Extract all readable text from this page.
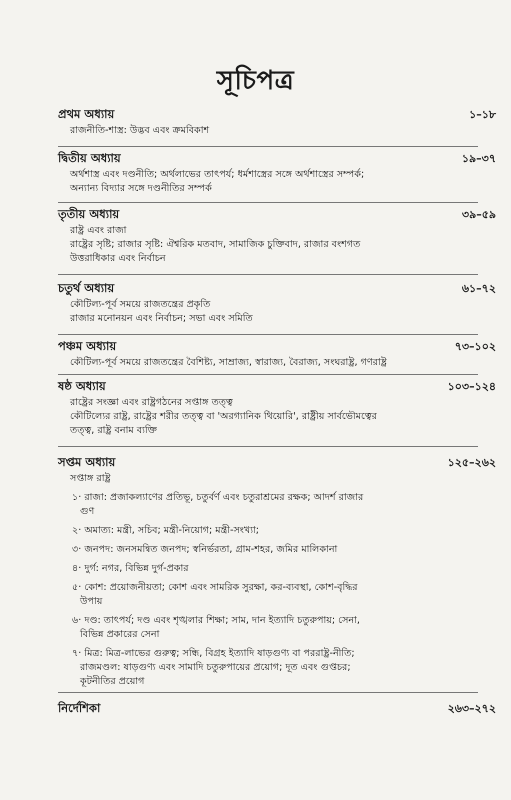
সূচিপত্র
প্রথম অধ্যায়	১–১৮
রাজনীতি-শাস্ত্র: উদ্ভব এবং ক্রমবিকাশ
দ্বিতীয় অধ্যায়	১৯–৩৭
অর্থশাস্ত্র এবং দণ্ডনীতি; অর্থলাভের তাৎপর্য; ধর্মশাস্ত্রের সঙ্গে অর্থশাস্ত্রের সম্পর্ক;
অন্যান্য বিদ্যার সঙ্গে দণ্ডনীতির সম্পর্ক
তৃতীয় অধ্যায়	৩৯–৫৯
রাষ্ট্র এবং রাজা
রাষ্ট্রের সৃষ্টি; রাজার সৃষ্টি: ঐশ্বরিক মতবাদ, সামাজিক চুক্তিবাদ, রাজার বংশগত
উত্তরাধিকার এবং নির্বাচন
চতুর্থ অধ্যায়	৬১–৭২
কৌটিল্য-পূর্ব সময়ে রাজতন্ত্রের প্রকৃতি
রাজার মনোনয়ন এবং নির্বাচন; সভা এবং সমিতি
পঞ্চম অধ্যায়	৭৩–১০২
কৌটিল্য-পূর্ব সময়ে রাজতন্ত্রের বৈশিষ্ট্য, সাম্রাজ্য, স্বারাজ্য, বৈরাজ্য, সংঘরাষ্ট্র, গণরাষ্ট্র
ষষ্ঠ অধ্যায়	১০৩–১২৪
রাষ্ট্রের সংজ্ঞা এবং রাষ্ট্রগঠনের সপ্তাঙ্গ তত্ত্ব
কৌটিল্যের রাষ্ট্র, রাষ্ট্রের শরীর তত্ত্ব বা 'অরগ্যানিক থিয়োরি', রাষ্ট্রীয় সার্বভৌমত্বের
তত্ত্ব, রাষ্ট্র বনাম ব্যক্তি
সপ্তম অধ্যায়	১২৫–২৬২
সপ্তাঙ্গ রাষ্ট্র
১· রাজা: প্রজাকল্যাণের প্রতিভূ, চতুর্বর্ণ এবং চতুরাশ্রমের রক্ষক; আদর্শ রাজার
গুণ
২· অমাত্য: মন্ত্রী, সচিব; মন্ত্রী-নিয়োগ; মন্ত্রী-সংখ্যা;
৩· জনপদ: জনসমন্বিত জনপদ; স্বনির্ভরতা, গ্রাম-শহর, জমির মালিকানা
৪· দুর্গ: নগর, বিভিন্ন দুর্গ-প্রকার
৫· কোশ: প্রয়োজনীয়তা; কোশ এবং সামরিক সুরক্ষা, কর-ব্যবস্থা, কোশ-বৃদ্ধির
উপায়
৬· দণ্ড: তাৎপর্য; দণ্ড এবং শৃঙ্খলার শিক্ষা; সাম, দান ইত্যাদি চতুরুপায়; সেনা,
বিভিন্ন প্রকারের সেনা
৭· মিত্র: মিত্র-লাভের গুরুত্ব; সন্ধি, বিগ্রহ ইত্যাদি ষাড়গুণ্য বা পররাষ্ট্র-নীতি;
রাজমণ্ডল: ষাড়গুণ্য এবং সামাদি চতুরুপায়ের প্রয়োগ; দূত এবং গুপ্তচর;
কূটনীতির প্রয়োগ
নির্দেশিকা	২৬৩–২৭২
